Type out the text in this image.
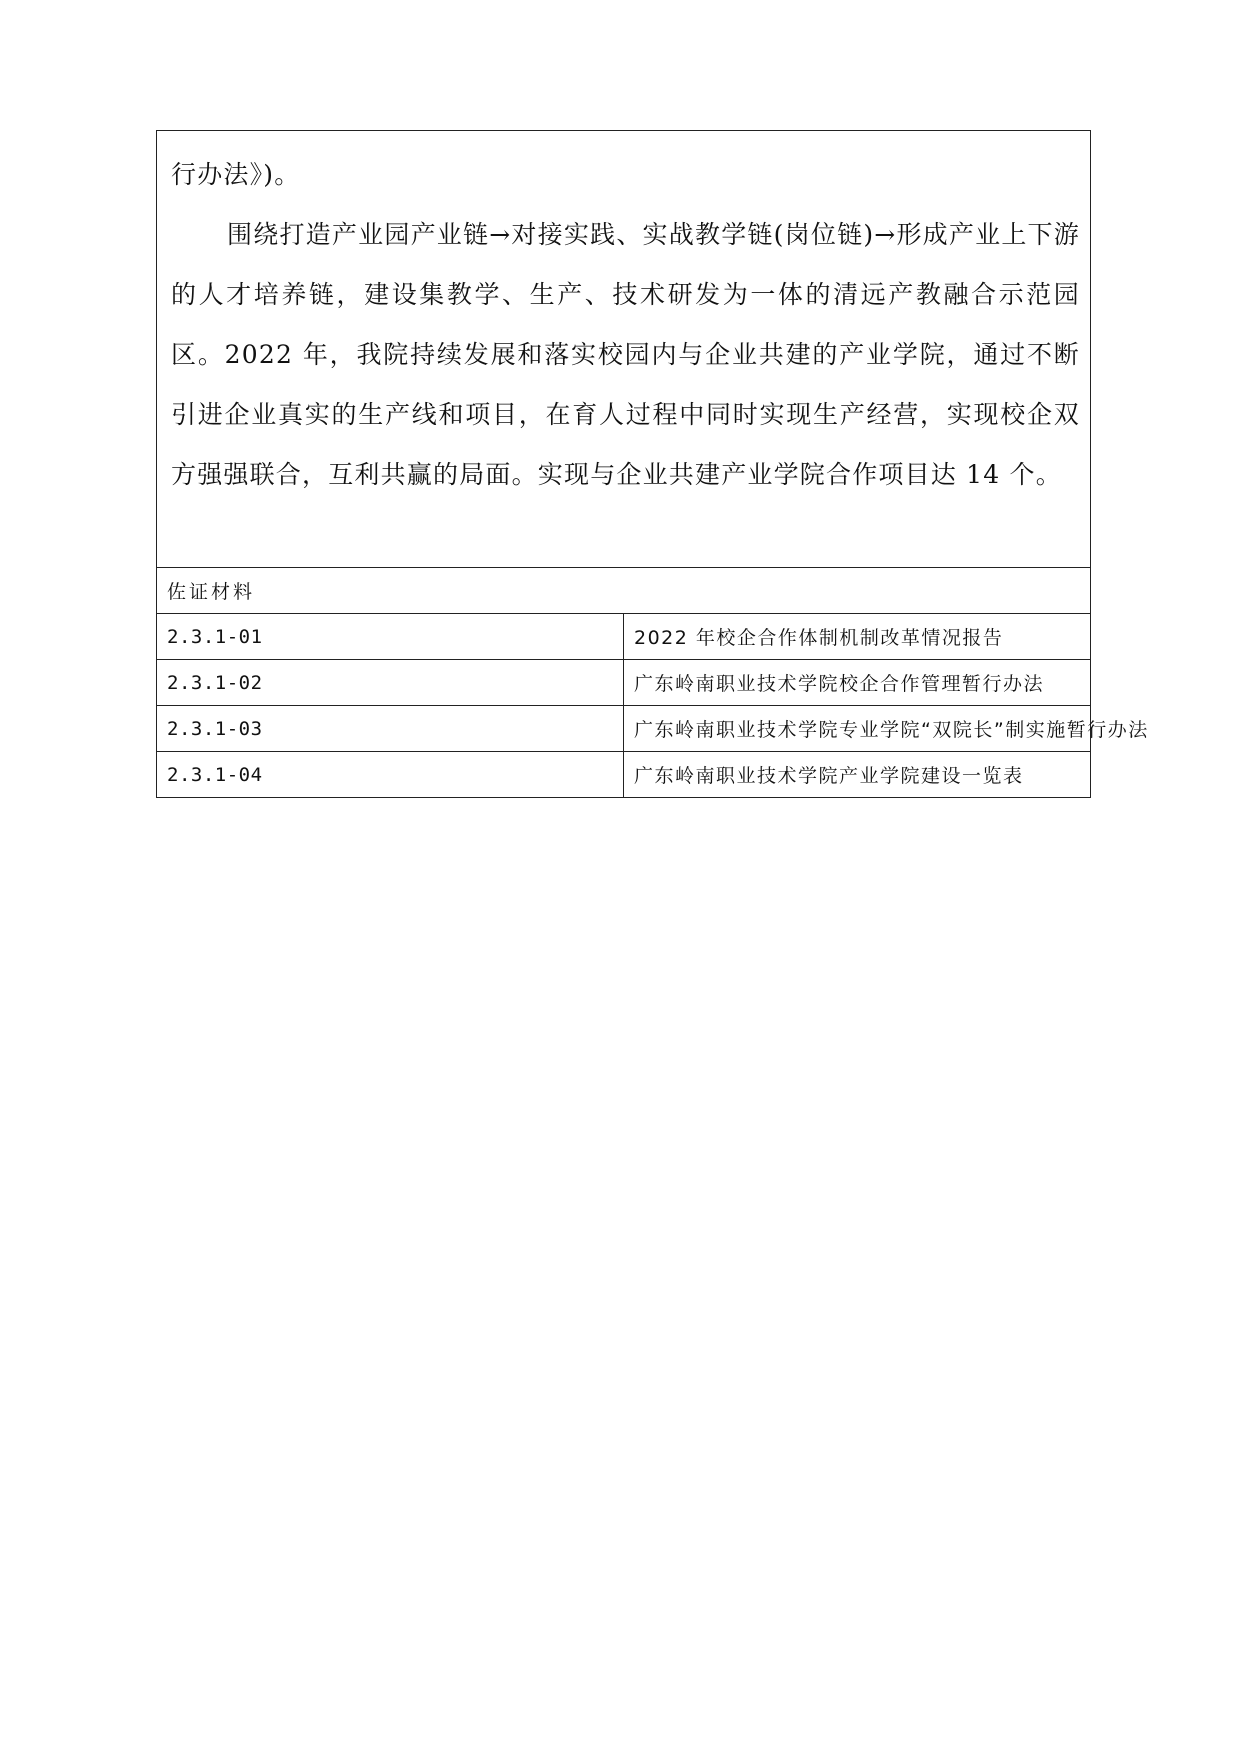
行办法》)。

围绕打造产业园产业链→对接实践、实战教学链(岗位链)→形成产业上下游的人才培养链，建设集教学、生产、技术研发为一体的清远产教融合示范园区。2022 年，我院持续发展和落实校园内与企业共建的产业学院，通过不断引进企业真实的生产线和项目，在育人过程中同时实现生产经营，实现校企双方强强联合，互利共赢的局面。实现与企业共建产业学院合作项目达 14 个。

佐证材料	
2.3.1-01	2022 年校企合作体制机制改革情况报告
2.3.1-02	广东岭南职业技术学院校企合作管理暂行办法
2.3.1-03	广东岭南职业技术学院专业学院“双院长”制实施暂行办法
2.3.1-04	广东岭南职业技术学院产业学院建设一览表
